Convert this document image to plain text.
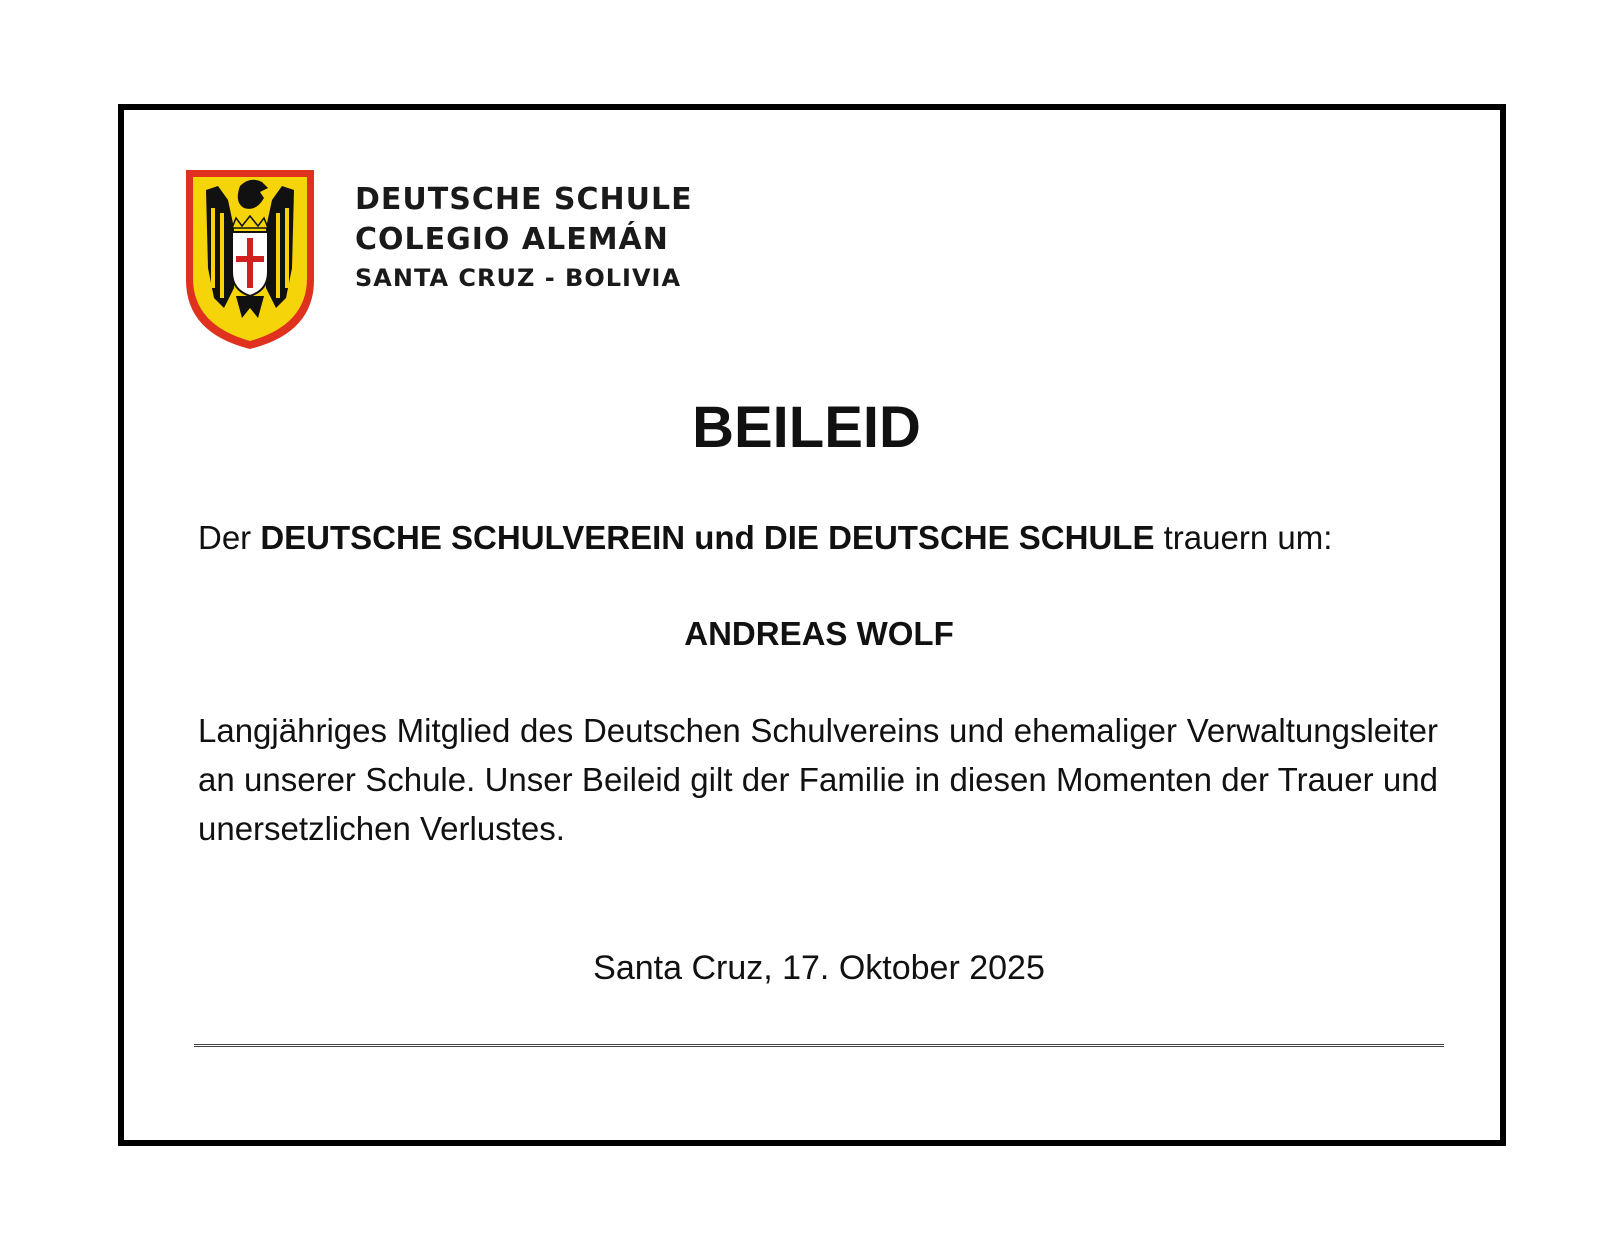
DEUTSCHE SCHULE
COLEGIO ALEMÁN
SANTA CRUZ - BOLIVIA
BEILEID
Der DEUTSCHE SCHULVEREIN und DIE DEUTSCHE SCHULE trauern um:
ANDREAS WOLF
Langjähriges Mitglied des Deutschen Schulvereins und ehemaliger Verwaltungsleiter an unserer Schule. Unser Beileid gilt der Familie in diesen Momenten der Trauer und unersetzlichen Verlustes.
Santa Cruz, 17. Oktober 2025
